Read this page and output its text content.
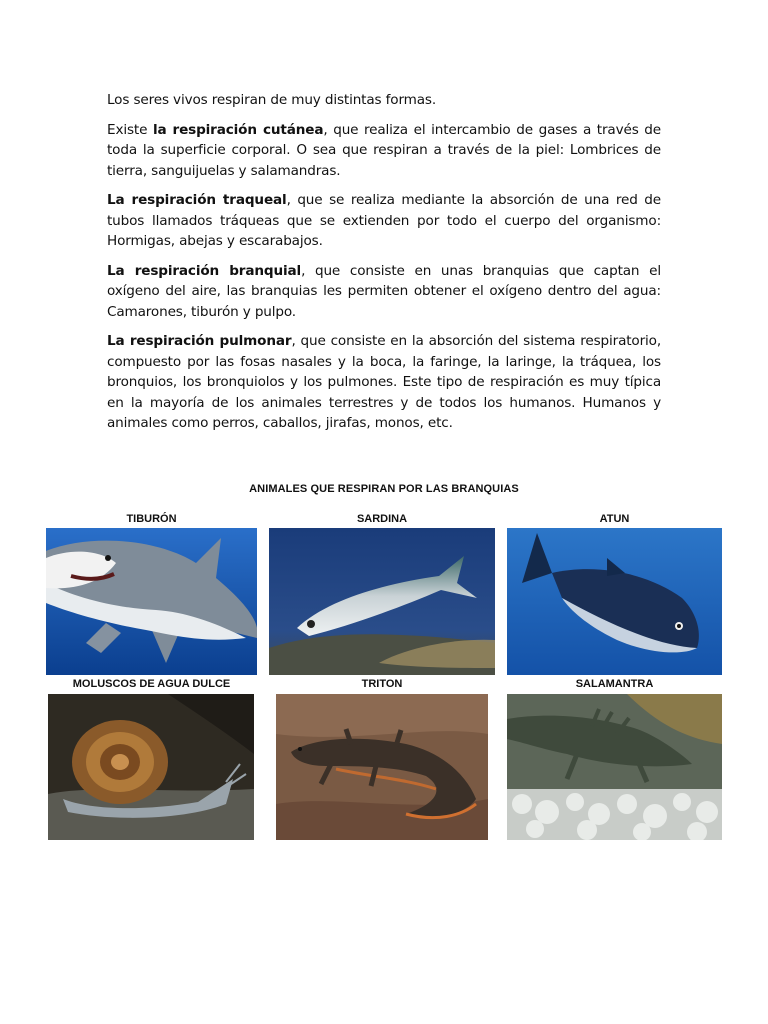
Los seres vivos respiran de muy distintas formas.

Existe la respiración cutánea, que realiza el intercambio de gases a través de toda la superficie corporal. O sea que respiran a través de la piel: Lombrices de tierra, sanguijuelas y salamandras.

La respiración traqueal, que se realiza mediante la absorción de una red de tubos llamados tráqueas que se extienden por todo el cuerpo del organismo: Hormigas, abejas y escarabajos.

La respiración branquial, que consiste en unas branquias que captan el oxígeno del aire, las branquias les permiten obtener el oxígeno dentro del agua: Camarones, tiburón y pulpo.

La respiración pulmonar, que consiste en la absorción del sistema respiratorio, compuesto por las fosas nasales y la boca, la faringe, la laringe, la tráquea, los bronquios, los bronquiolos y los pulmones. Este tipo de respiración es muy típica en la mayoría de los animales terrestres y de todos los humanos. Humanos y animales como perros, caballos, jirafas, monos, etc.

ANIMALES QUE RESPIRAN POR LAS BRANQUIAS
TIBURÓN	SARDINA	ATUN
MOLUSCOS DE AGUA DULCE	TRITON	SALAMANTRA
